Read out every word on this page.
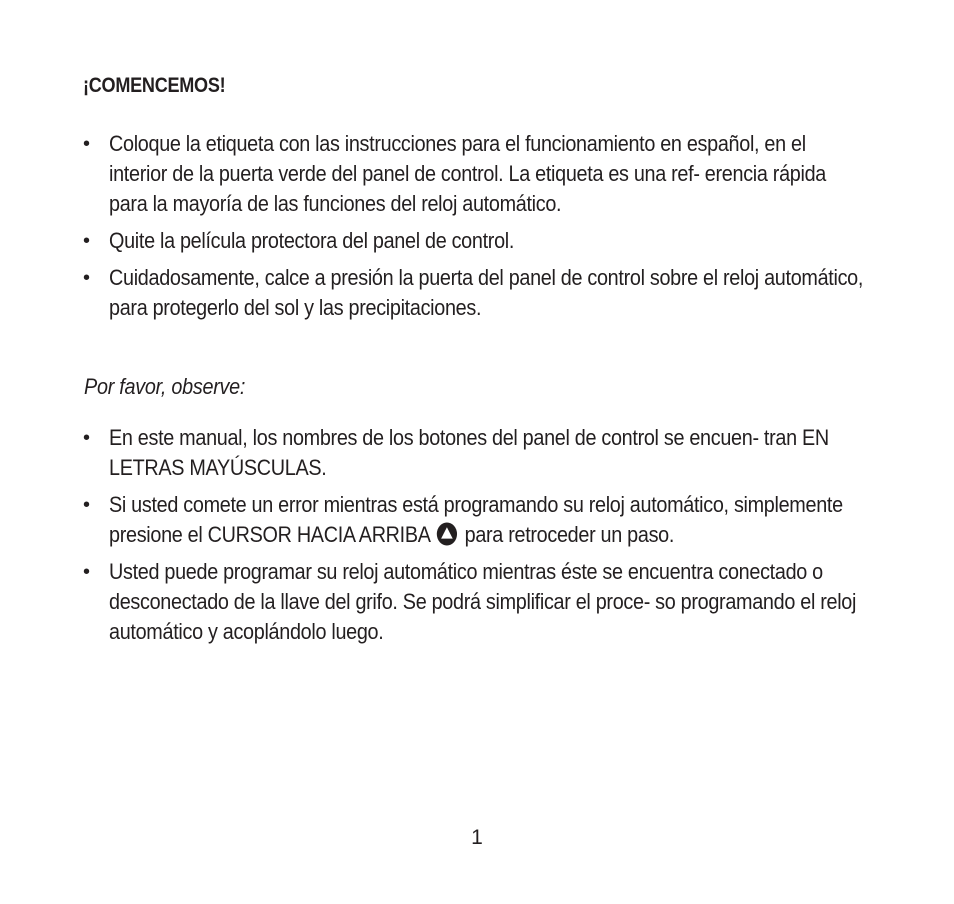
¡COMENCEMOS!
• Coloque la etiqueta con las instrucciones para el funcionamiento en español, en el interior de la puerta verde del panel de control. La etiqueta es una ref- erencia rápida para la mayoría de las funciones del reloj automático.
• Quite la película protectora del panel de control.
• Cuidadosamente, calce a presión la puerta del panel de control sobre el reloj automático, para protegerlo del sol y las precipitaciones.
Por favor, observe:
• En este manual, los nombres de los botones del panel de control se encuen- tran EN LETRAS MAYÚSCULAS.
• Si usted comete un error mientras está programando su reloj automático, simplemente presione el CURSOR HACIA ARRIBA para retroceder un paso.
• Usted puede programar su reloj automático mientras éste se encuentra conectado o desconectado de la llave del grifo. Se podrá simplificar el proce- so programando el reloj automático y acoplándolo luego.
1
